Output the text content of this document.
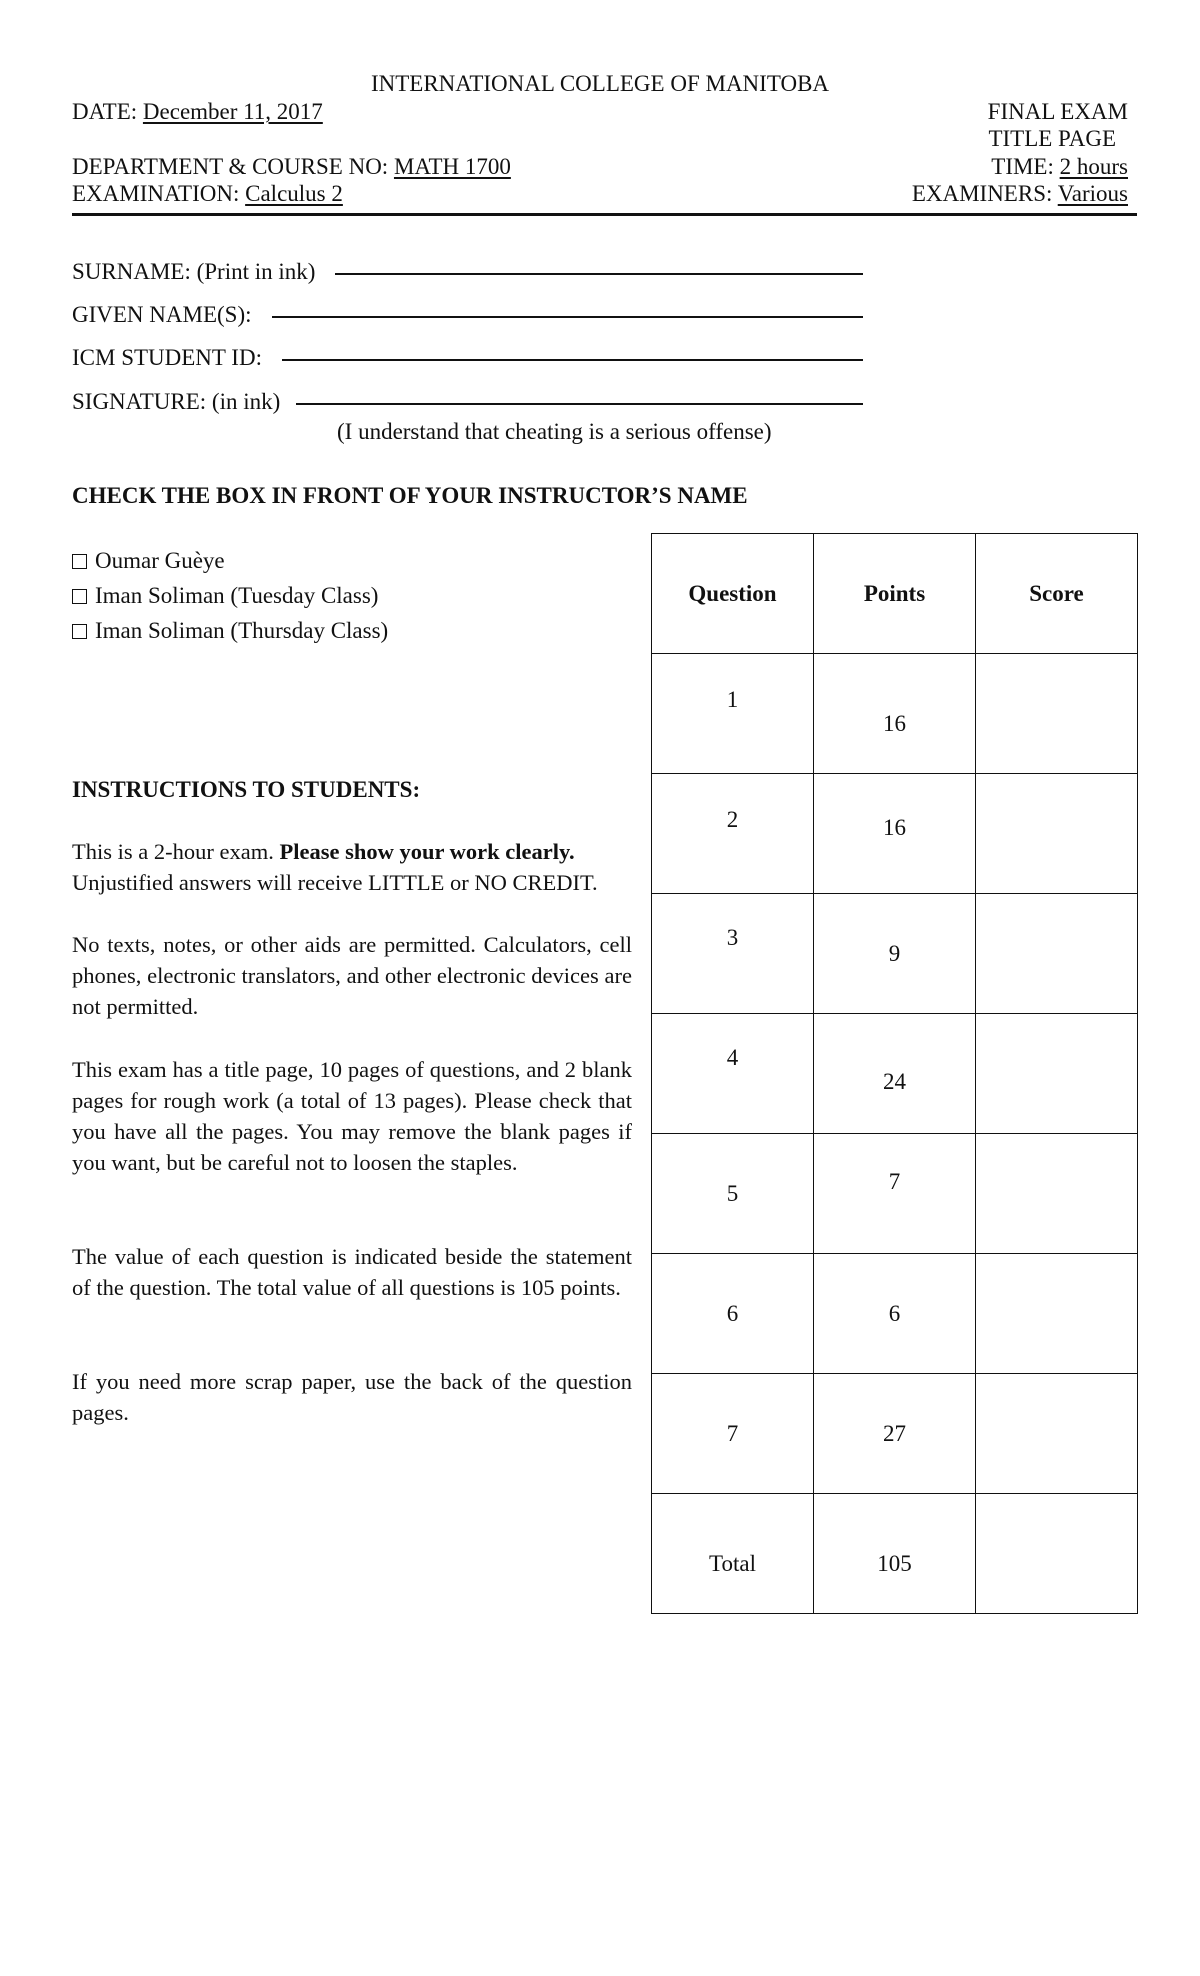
INTERNATIONAL COLLEGE OF MANITOBA
DATE: December 11, 2017	FINAL EXAM
TITLE PAGE
DEPARTMENT & COURSE NO: MATH 1700	TIME: 2 hours
EXAMINATION: Calculus 2	EXAMINERS: Various
SURNAME: (Print in ink)
GIVEN NAME(S):
ICM STUDENT ID:
SIGNATURE: (in ink)
(I understand that cheating is a serious offense)
CHECK THE BOX IN FRONT OF YOUR INSTRUCTOR’S NAME
Oumar Guèye
Iman Soliman (Tuesday Class)
Iman Soliman (Thursday Class)
INSTRUCTIONS TO STUDENTS:

This is a 2-hour exam. Please show your work clearly.

Unjustified answers will receive LITTLE or NO CREDIT.

No texts, notes, or other aids are permitted. Calculators, cell phones, electronic translators, and other electronic devices are not permitted.
This exam has a title page, 10 pages of questions, and 2 blank pages for rough work (a total of 13 pages). Please check that you have all the pages. You may remove the blank pages if you want, but be careful not to loosen the staples.
The value of each question is indicated beside the statement of the question. The total value of all questions is 105 points.
If you need more scrap paper, use the back of the question pages.
Question	Points	Score

1	16	

2	16	

3	9	

4	24	

5	7	

6	6	

7	27	

Total	105	
